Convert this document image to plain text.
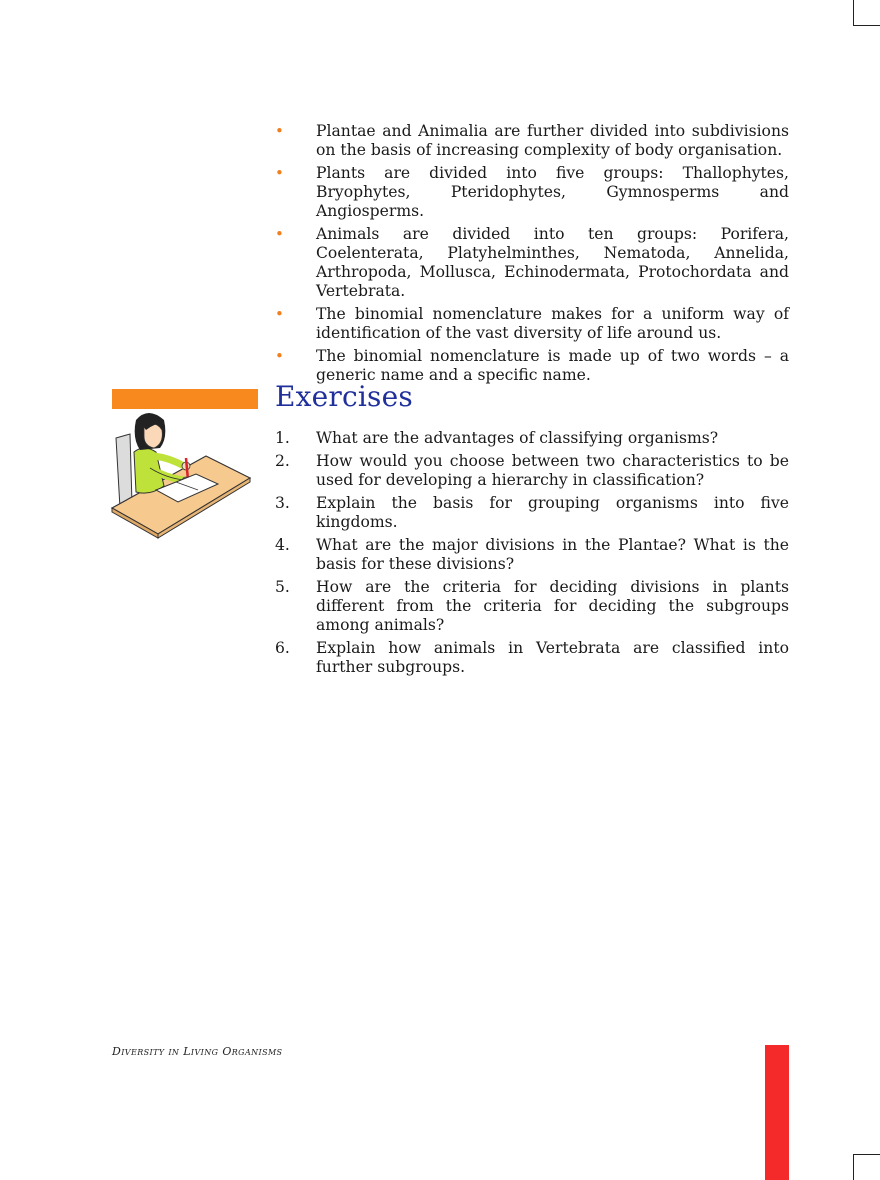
• Plantae and Animalia are further divided into subdivisions on the basis of increasing complexity of body organisation.
• Plants are divided into five groups: Thallophytes, Bryophytes, Pteridophytes, Gymnosperms and Angiosperms.
• Animals are divided into ten groups: Porifera, Coelenterata, Platyhelminthes, Nematoda, Annelida, Arthropoda, Mollusca, Echinodermata, Protochordata and Vertebrata.
• The binomial nomenclature makes for a uniform way of identification of the vast diversity of life around us.
• The binomial nomenclature is made up of two words – a generic name and a specific name.
Exercises
1. What are the advantages of classifying organisms?
2. How would you choose between two characteristics to be used for developing a hierarchy in classification?
3. Explain the basis for grouping organisms into five kingdoms.
4. What are the major divisions in the Plantae? What is the basis for these divisions?
5. How are the criteria for deciding divisions in plants different from the criteria for deciding the subgroups among animals?
6. Explain how animals in Vertebrata are classified into further subgroups.
Diversity in Living Organisms
